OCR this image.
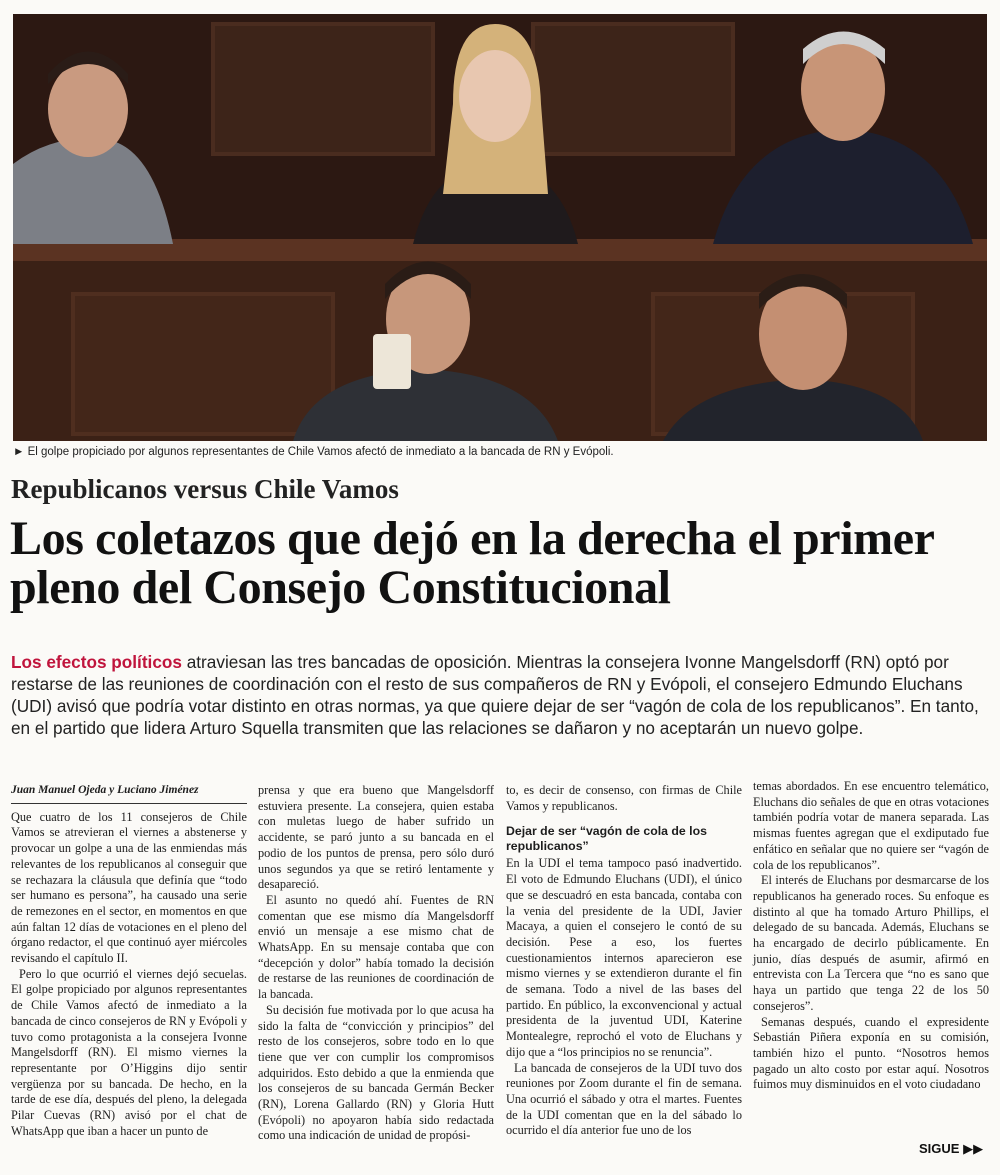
► El golpe propiciado por algunos representantes de Chile Vamos afectó de inmediato a la bancada de RN y Evópoli.
Republicanos versus Chile Vamos
Los coletazos que dejó en la derecha el primer pleno del Consejo Constitucional
Los efectos políticos atraviesan las tres bancadas de oposición. Mientras la consejera Ivonne Mangelsdorff (RN) optó por restarse de las reuniones de coordinación con el resto de sus compañeros de RN y Evópoli, el consejero Edmundo Eluchans (UDI) avisó que podría votar distinto en otras normas, ya que quiere dejar de ser “vagón de cola de los republicanos”. En tanto, en el partido que lidera Arturo Squella transmiten que las relaciones se dañaron y no aceptarán un nuevo golpe.
Juan Manuel Ojeda y Luciano Jiménez

Que cuatro de los 11 consejeros de Chile Vamos se atrevieran el viernes a abstenerse y provocar un golpe a una de las enmiendas más relevantes de los republicanos al conseguir que se rechazara la cláusula que definía que “todo ser humano es persona”, ha causado una serie de remezones en el sector, en momentos en que aún faltan 12 días de votaciones en el pleno del órgano redactor, el que continuó ayer miércoles revisando el capítulo II.

Pero lo que ocurrió el viernes dejó secuelas. El golpe propiciado por algunos representantes de Chile Vamos afectó de inmediato a la bancada de cinco consejeros de RN y Evópoli y tuvo como protagonista a la consejera Ivonne Mangelsdorff (RN). El mismo viernes la representante por O’Higgins dijo sentir vergüenza por su bancada. De hecho, en la tarde de ese día, después del pleno, la delegada Pilar Cuevas (RN) avisó por el chat de WhatsApp que iban a hacer un punto de

prensa y que era bueno que Mangelsdorff estuviera presente. La consejera, quien estaba con muletas luego de haber sufrido un accidente, se paró junto a su bancada en el podio de los puntos de prensa, pero sólo duró unos segundos ya que se retiró lentamente y desapareció.

El asunto no quedó ahí. Fuentes de RN comentan que ese mismo día Mangelsdorff envió un mensaje a ese mismo chat de WhatsApp. En su mensaje contaba que con “decepción y dolor” había tomado la decisión de restarse de las reuniones de coordinación de la bancada.

Su decisión fue motivada por lo que acusa ha sido la falta de “convicción y principios” del resto de los consejeros, sobre todo en lo que tiene que ver con cumplir los compromisos adquiridos. Esto debido a que la enmienda que los consejeros de su bancada Germán Becker (RN), Lorena Gallardo (RN) y Gloria Hutt (Evópoli) no apoyaron había sido redactada como una indicación de unidad de propósi-

to, es decir de consenso, con firmas de Chile Vamos y republicanos.

Dejar de ser “vagón de cola de los republicanos”

En la UDI el tema tampoco pasó inadvertido. El voto de Edmundo Eluchans (UDI), el único que se descuadró en esta bancada, contaba con la venia del presidente de la UDI, Javier Macaya, a quien el consejero le contó de su decisión. Pese a eso, los fuertes cuestionamientos internos aparecieron ese mismo viernes y se extendieron durante el fin de semana. Todo a nivel de las bases del partido. En público, la exconvencional y actual presidenta de la juventud UDI, Katerine Montealegre, reprochó el voto de Eluchans y dijo que a “los principios no se renuncia”.

La bancada de consejeros de la UDI tuvo dos reuniones por Zoom durante el fin de semana. Una ocurrió el sábado y otra el martes. Fuentes de la UDI comentan que en la del sábado lo ocurrido el día anterior fue uno de los

temas abordados. En ese encuentro telemático, Eluchans dio señales de que en otras votaciones también podría votar de manera separada. Las mismas fuentes agregan que el exdiputado fue enfático en señalar que no quiere ser “vagón de cola de los republicanos”.

El interés de Eluchans por desmarcarse de los republicanos ha generado roces. Su enfoque es distinto al que ha tomado Arturo Phillips, el delegado de su bancada. Además, Eluchans se ha encargado de decirlo públicamente. En junio, días después de asumir, afirmó en entrevista con La Tercera que “no es sano que haya un partido que tenga 22 de los 50 consejeros”.

Semanas después, cuando el expresidente Sebastián Piñera exponía en su comisión, también hizo el punto. “Nosotros hemos pagado un alto costo por estar aquí. Nosotros fuimos muy disminuidos en el voto ciudadano

SIGUE ▶▶
